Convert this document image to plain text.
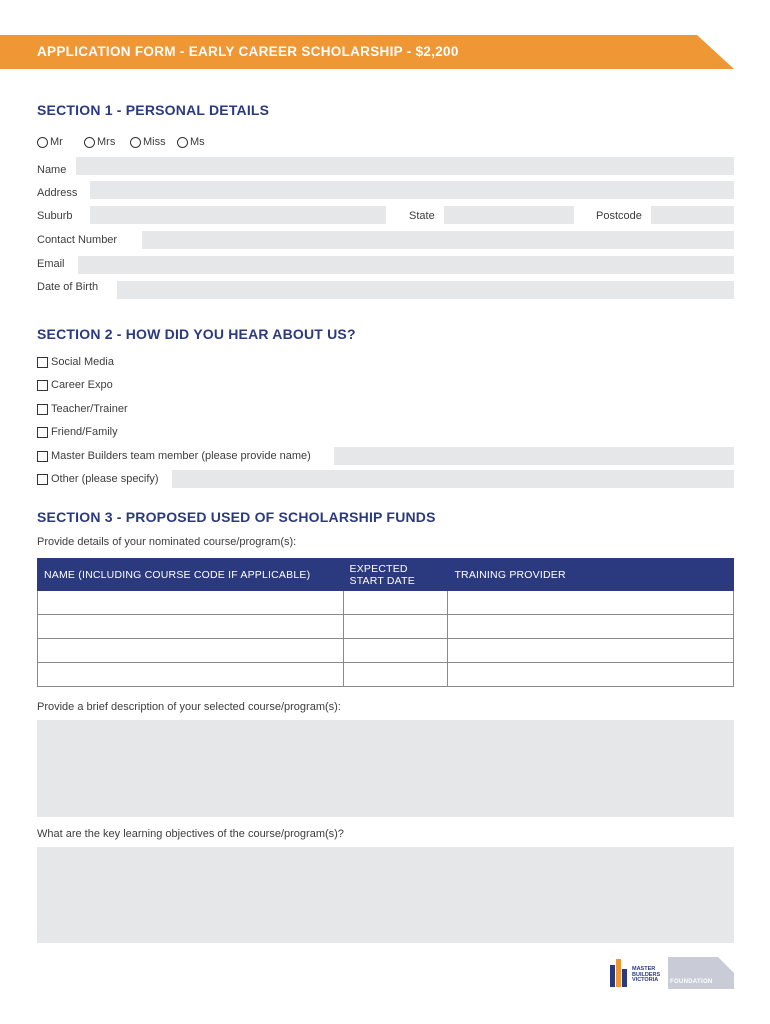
APPLICATION FORM - EARLY CAREER SCHOLARSHIP - $2,200
SECTION 1 - PERSONAL DETAILS
Mr	Mrs	Miss Ms
Name
Address
Suburb	State	Postcode
Contact Number
Email
Date of Birth
SECTION 2 - HOW DID YOU HEAR ABOUT US?
Social Media
Career Expo
Teacher/Trainer
Friend/Family
Master Builders team member (please provide name)
Other (please specify)
SECTION 3 - PROPOSED USED OF SCHOLARSHIP FUNDS
Provide details of your nominated course/program(s):
NAME (INCLUDING COURSE CODE IF APPLICABLE)	EXPECTED START DATE	TRAINING PROVIDER

Provide a brief description of your selected course/program(s):
What are the key learning objectives of the course/program(s)?
MASTER
BUILDERS
VICTORIA	FOUNDATION
